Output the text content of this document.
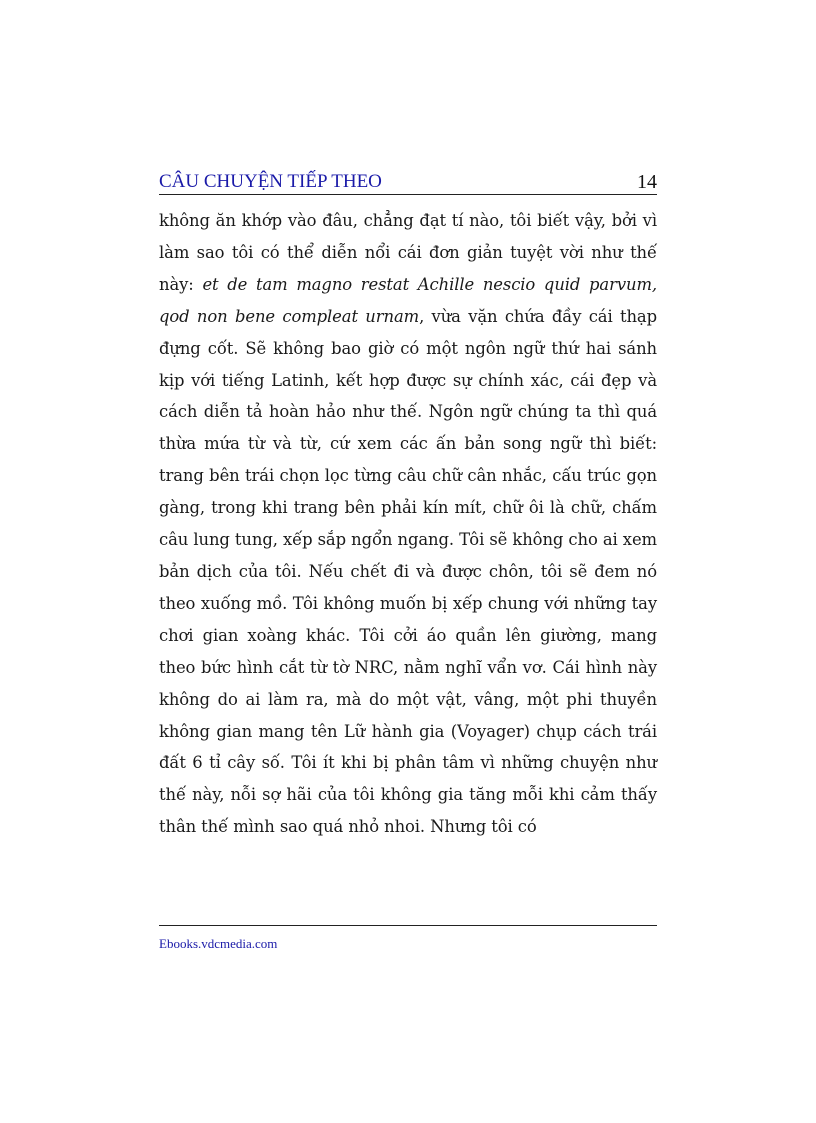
CÂU CHUYỆN TIẾP THEO	14

không ăn khớp vào đâu, chẳng đạt tí nào, tôi biết vậy, bởi vì làm sao tôi có thể diễn nổi cái đơn giản tuyệt vời như thế này: et de tam magno restat Achille nescio quid parvum, qod non bene compleat urnam, vừa vặn chứa đầy cái thạp đựng cốt. Sẽ không bao giờ có một ngôn ngữ thứ hai sánh kịp với tiếng Latinh, kết hợp được sự chính xác, cái đẹp và cách diễn tả hoàn hảo như thế. Ngôn ngữ chúng ta thì quá thừa mứa từ và từ, cứ xem các ấn bản song ngữ thì biết: trang bên trái chọn lọc từng câu chữ cân nhắc, cấu trúc gọn gàng, trong khi trang bên phải kín mít, chữ ôi là chữ, chấm câu lung tung, xếp sắp ngổn ngang. Tôi sẽ không cho ai xem bản dịch của tôi. Nếu chết đi và được chôn, tôi sẽ đem nó theo xuống mồ. Tôi không muốn bị xếp chung với những tay chơi gian xoàng khác. Tôi cởi áo quần lên giường, mang theo bức hình cắt từ tờ NRC, nằm nghĩ vẩn vơ. Cái hình này không do ai làm ra, mà do một vật, vâng, một phi thuyền không gian mang tên Lữ hành gia (Voyager) chụp cách trái đất 6 tỉ cây số. Tôi ít khi bị phân tâm vì những chuyện như thế này, nỗi sợ hãi của tôi không gia tăng mỗi khi cảm thấy thân thế mình sao quá nhỏ nhoi. Nhưng tôi có

Ebooks.vdcmedia.com
